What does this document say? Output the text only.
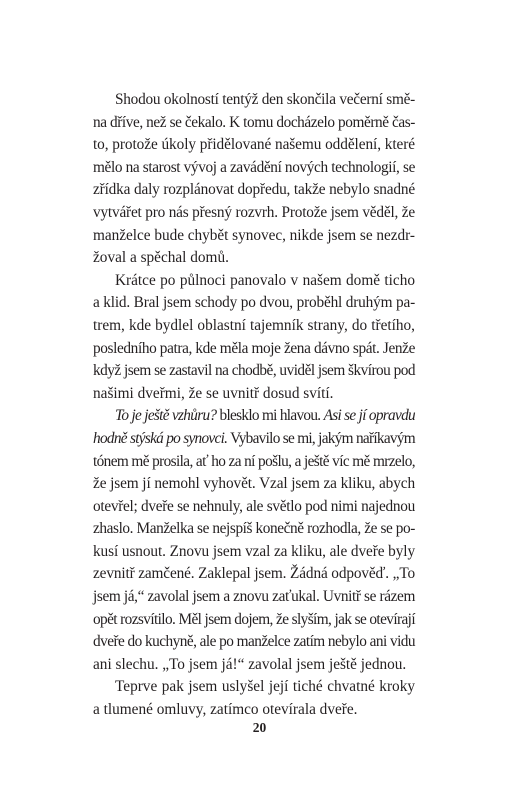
Shodou okolností tentýž den skončila večerní smě-
na dříve, než se čekalo. K tomu docházelo poměrně čas-
to, protože úkoly přidělované našemu oddělení, které
mělo na starost vývoj a zavádění nových technologií, se
zřídka daly rozplánovat dopředu, takže nebylo snadné
vytvářet pro nás přesný rozvrh. Protože jsem věděl, že
manželce bude chybět synovec, nikde jsem se nezdr-
žoval a spěchal domů.
Krátce po půlnoci panovalo v našem domě ticho
a klid. Bral jsem schody po dvou, proběhl druhým pa-
trem, kde bydlel oblastní tajemník strany, do třetího,
posledního patra, kde měla moje žena dávno spát. Jenže
když jsem se zastavil na chodbě, uviděl jsem škvírou pod
našimi dveřmi, že se uvnitř dosud svítí.
To je ještě vzhůru? blesklo mi hlavou. Asi se jí opravdu
hodně stýská po synovci. Vybavilo se mi, jakým naříkavým
tónem mě prosila, ať ho za ní pošlu, a ještě víc mě mrzelo,
že jsem jí nemohl vyhovět. Vzal jsem za kliku, abych
otevřel; dveře se nehnuly, ale světlo pod nimi najednou
zhaslo. Manželka se nejspíš konečně rozhodla, že se po-
kusí usnout. Znovu jsem vzal za kliku, ale dveře byly
zevnitř zamčené. Zaklepal jsem. Žádná odpověď. „To
jsem já,“ zavolal jsem a znovu zaťukal. Uvnitř se rázem
opět rozsvítilo. Měl jsem dojem, že slyším, jak se otevírají
dveře do kuchyně, ale po manželce zatím nebylo ani vidu
ani slechu. „To jsem já!“ zavolal jsem ještě jednou.
Teprve pak jsem uslyšel její tiché chvatné kroky
a tlumené omluvy, zatímco otevírala dveře.
20
